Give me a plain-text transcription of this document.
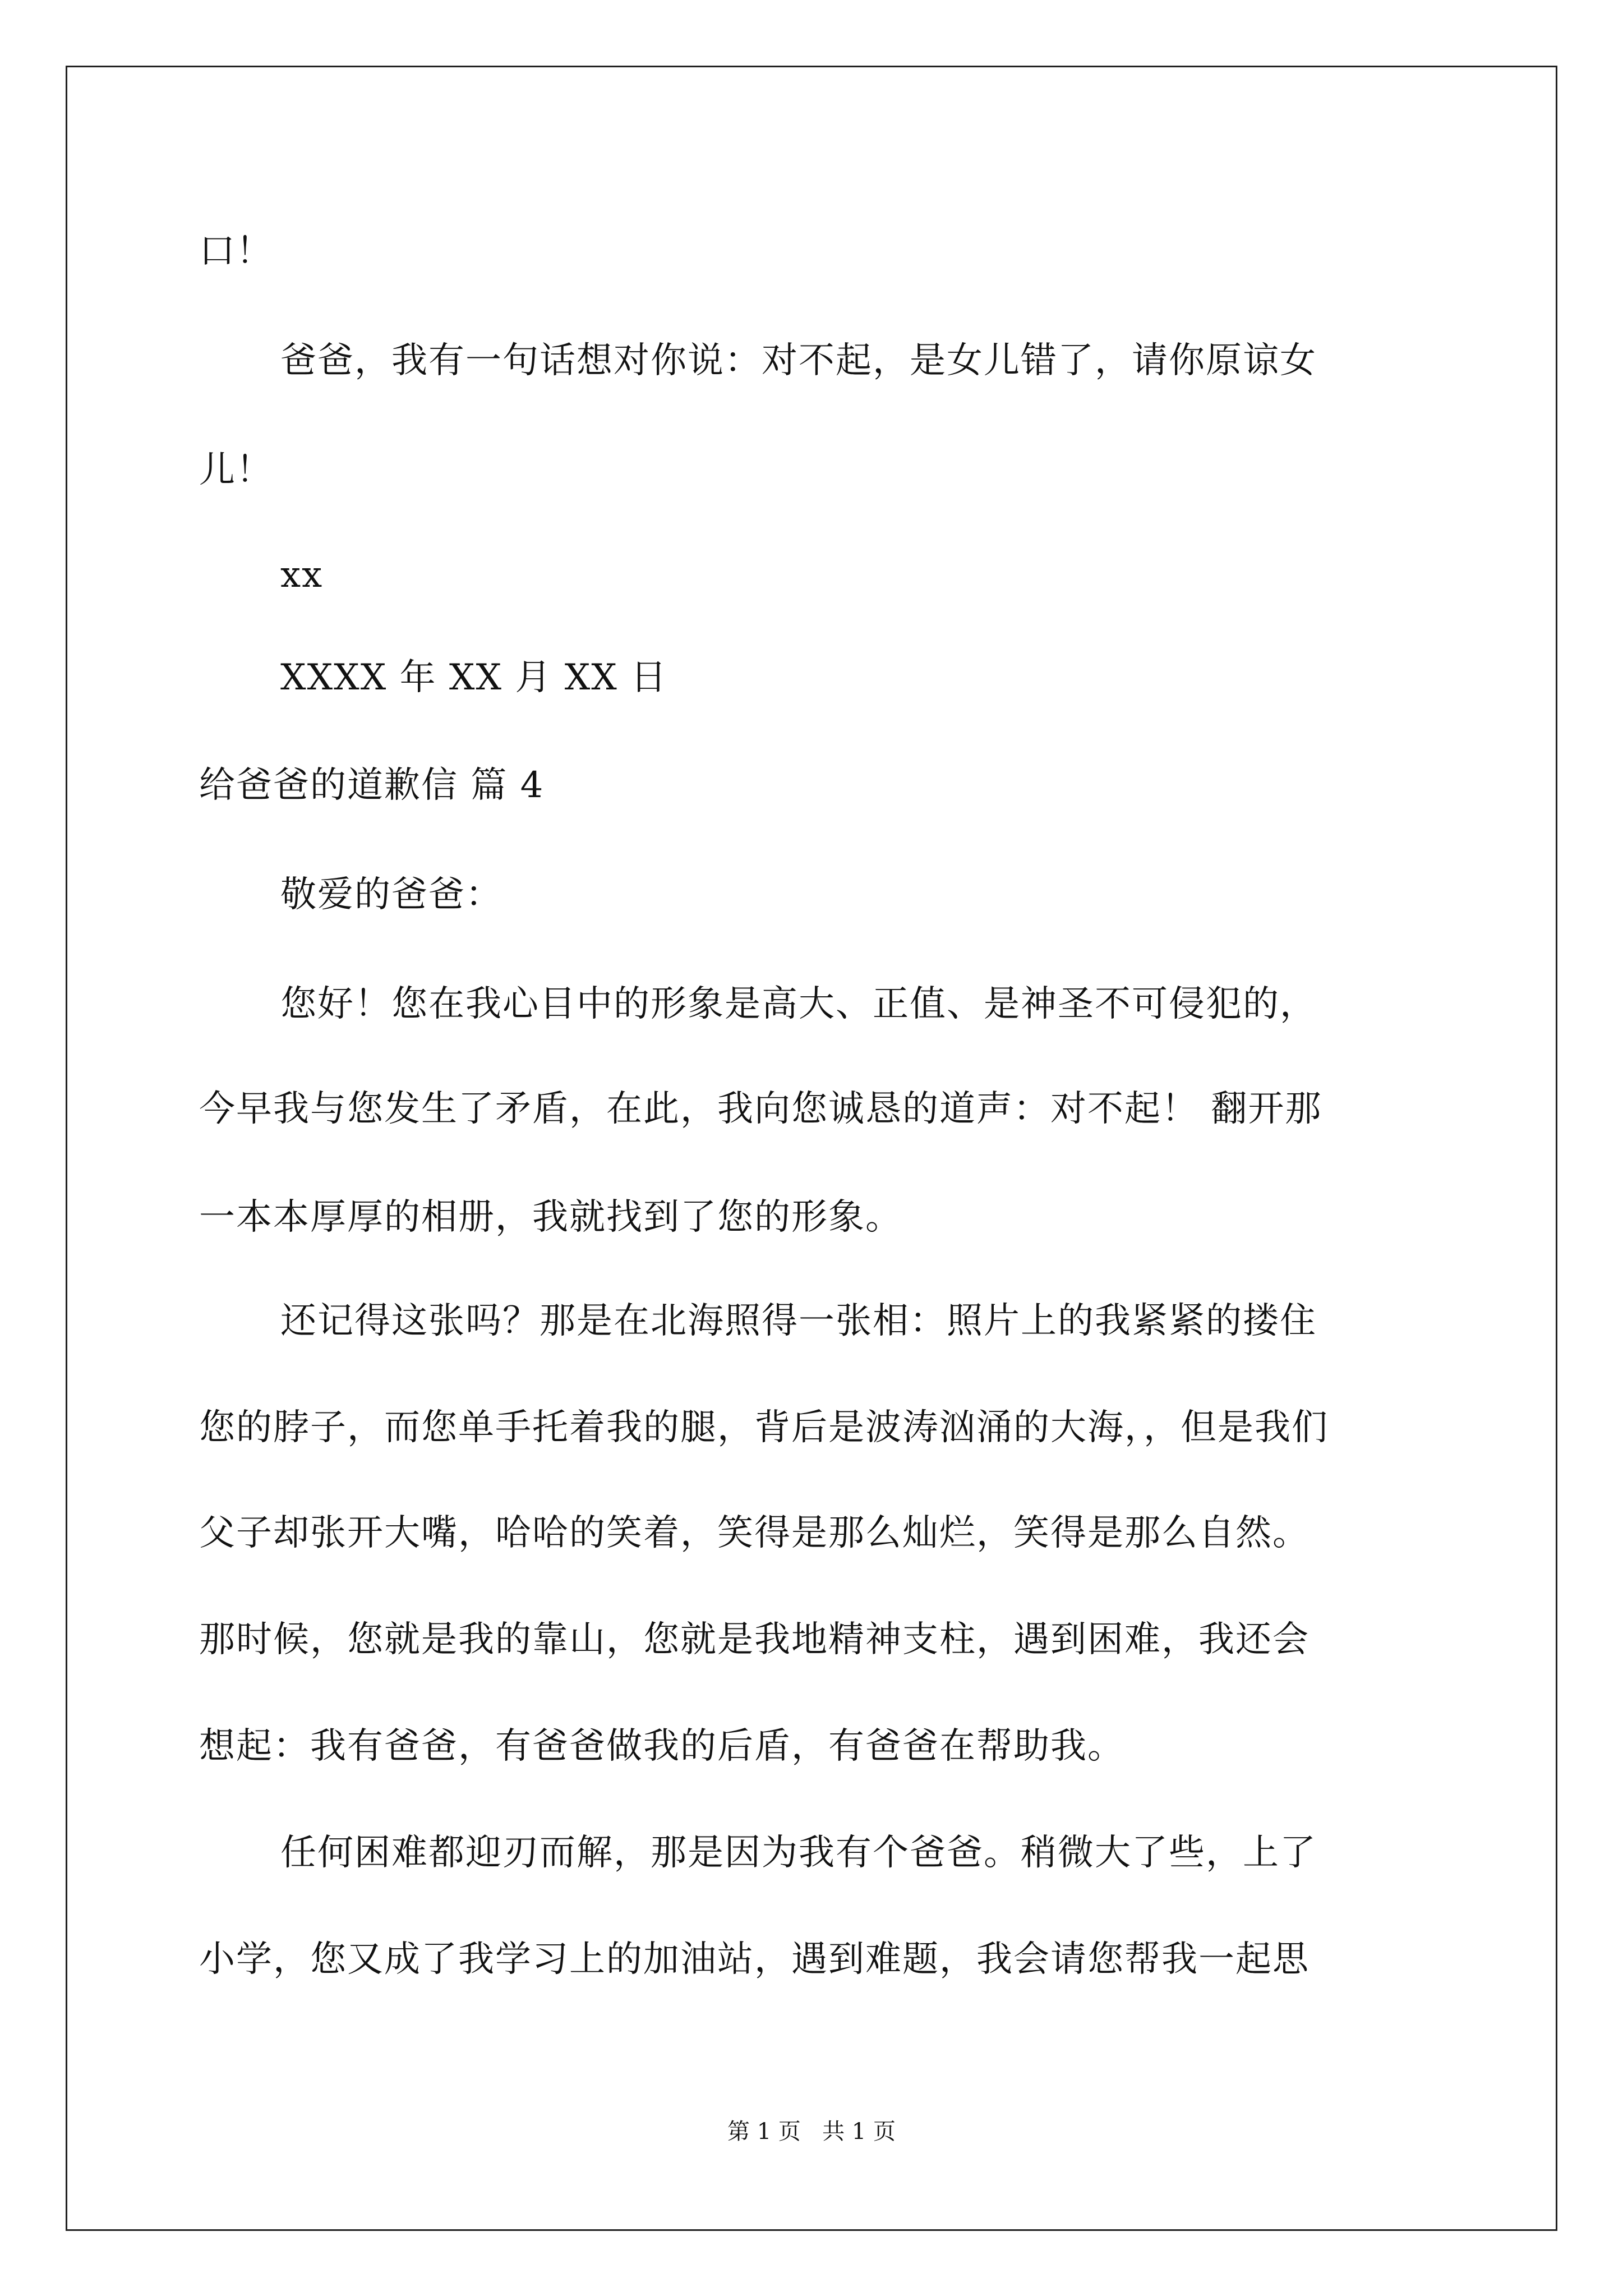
口！
爸爸，我有一句话想对你说：对不起，是女儿错了，请你原谅女
儿！
xx
XXXX 年 XX 月 XX 日
给爸爸的道歉信 篇 4
敬爱的爸爸：
您好！您在我心目中的形象是高大、正值、是神圣不可侵犯的，
今早我与您发生了矛盾，在此，我向您诚恳的道声：对不起！ 翻开那
一本本厚厚的相册，我就找到了您的形象。
还记得这张吗？那是在北海照得一张相：照片上的我紧紧的搂住
您的脖子，而您单手托着我的腿，背后是波涛汹涌的大海，，但是我们
父子却张开大嘴，哈哈的笑着，笑得是那么灿烂，笑得是那么自然。
那时候，您就是我的靠山，您就是我地精神支柱，遇到困难，我还会
想起：我有爸爸，有爸爸做我的后盾，有爸爸在帮助我。
任何困难都迎刃而解，那是因为我有个爸爸。稍微大了些，上了
小学，您又成了我学习上的加油站，遇到难题，我会请您帮我一起思
第 1 页   共 1 页
